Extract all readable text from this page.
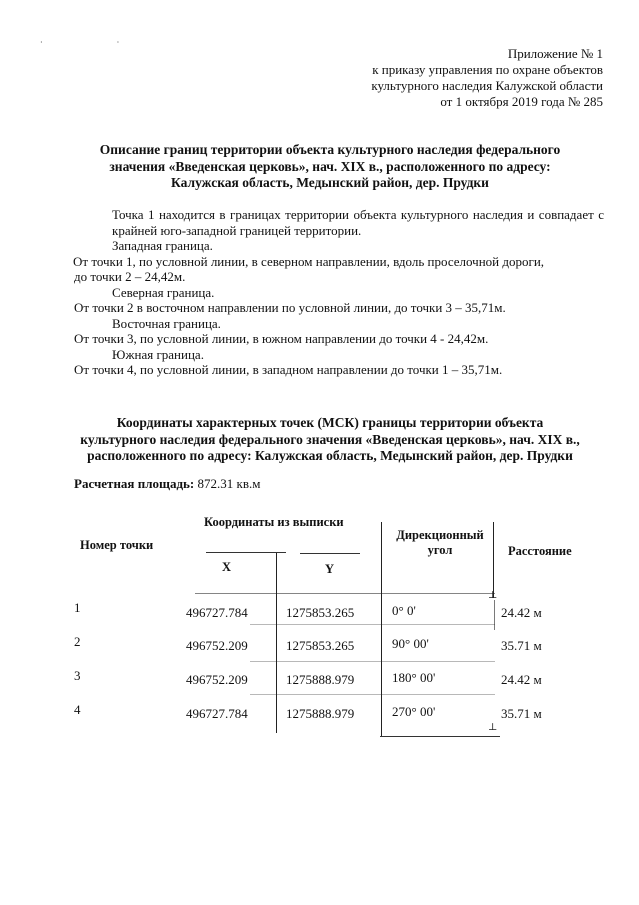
· ·
Приложение № 1
к приказу управления по охране объектов
культурного наследия Калужской области
от 1 октября 2019 года № 285
Описание границ территории объекта культурного наследия федерального
значения «Введенская церковь», нач. XIX в., расположенного по адресу:
Калужская область, Медынский район, дер. Прудки

Точка 1 находится в границах территории объекта культурного наследия и совпадает с крайней юго-западной границей территории.

Западная граница.

От точки 1, по условной линии, в северном направлении, вдоль проселочной дороги,

до точки 2 – 24,42м.

Северная граница.

От точки 2 в восточном направлении по условной линии, до точки 3 – 35,71м.

Восточная граница.

От точки 3, по условной линии, в южном направлении до точки 4 - 24,42м.

Южная граница.

От точки 4, по условной линии, в западном направлении до точки 1 – 35,71м.

Координаты характерных точек (МСК) границы территории объекта
культурного наследия федерального значения «Введенская церковь», нач. XIX в.,
расположенного по адресу: Калужская область, Медынский район, дер. Прудки
Расчетная площадь: 872.31 кв.м
Номер точки
Координаты из выписки
X	Y
Дирекционный
угол	Расстояние
⊥
⊥
1	496727.784	1275853.265	0° 0'	24.42 м
2	496752.209	1275853.265	90° 00'	35.71 м
3	496752.209	1275888.979	180° 00'	24.42 м
4	496727.784	1275888.979	270° 00'	35.71 м
